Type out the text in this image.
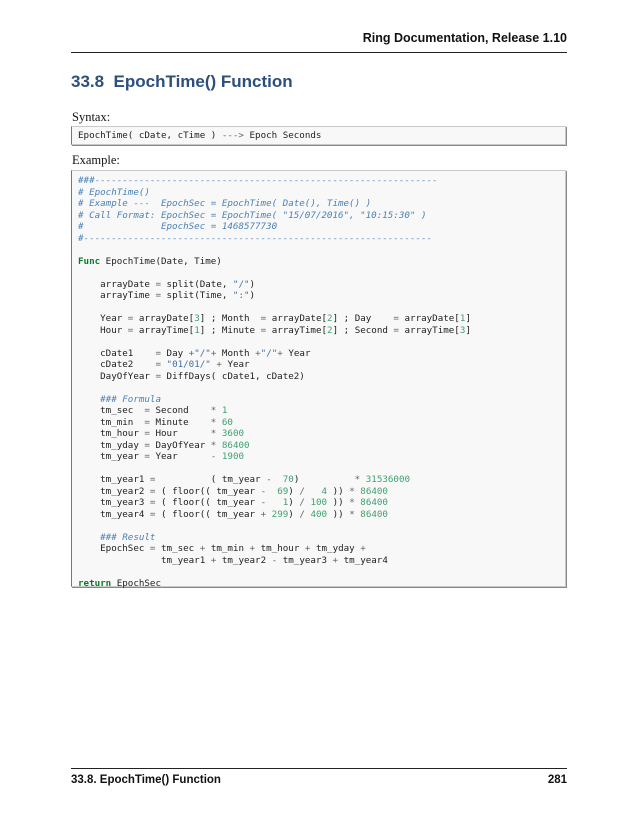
Ring Documentation, Release 1.10
33.8 EpochTime() Function
Syntax:
EpochTime( cDate, cTime ) ---> Epoch Seconds
Example:
###--------------------------------------------------------------
# EpochTime()
# Example ---  EpochSec = EpochTime( Date(), Time() )
# Call Format: EpochSec = EpochTime( "15/07/2016", "10:15:30" )
#              EpochSec = 1468577730
#---------------------------------------------------------------

Func EpochTime(Date, Time)

arrayDate = split(Date, "/")
arrayTime = split(Time, ":")

Year = arrayDate[3] ; Month  = arrayDate[2] ; Day    = arrayDate[1]
Hour = arrayTime[1] ; Minute = arrayTime[2] ; Second = arrayTime[3]

cDate1    = Day +"/"+ Month +"/"+ Year
cDate2    = "01/01/" + Year
DayOfYear = DiffDays( cDate1, cDate2)

### Formula
tm_sec  = Second    * 1
tm_min  = Minute    * 60
tm_hour = Hour      * 3600
tm_yday = DayOfYear * 86400
tm_year = Year      - 1900

tm_year1 =          ( tm_year - 70)          * 31536000
tm_year2 = ( floor(( tm_year - 69) / 4 )) * 86400
tm_year3 = ( floor(( tm_year - 1) / 100 )) * 86400
tm_year4 = ( floor(( tm_year + 299) / 400 )) * 86400

### Result
EpochSec = tm_sec + tm_min + tm_hour + tm_yday +
tm_year1 + tm_year2 - tm_year3 + tm_year4

return EpochSec
33.8. EpochTime() Function	281
